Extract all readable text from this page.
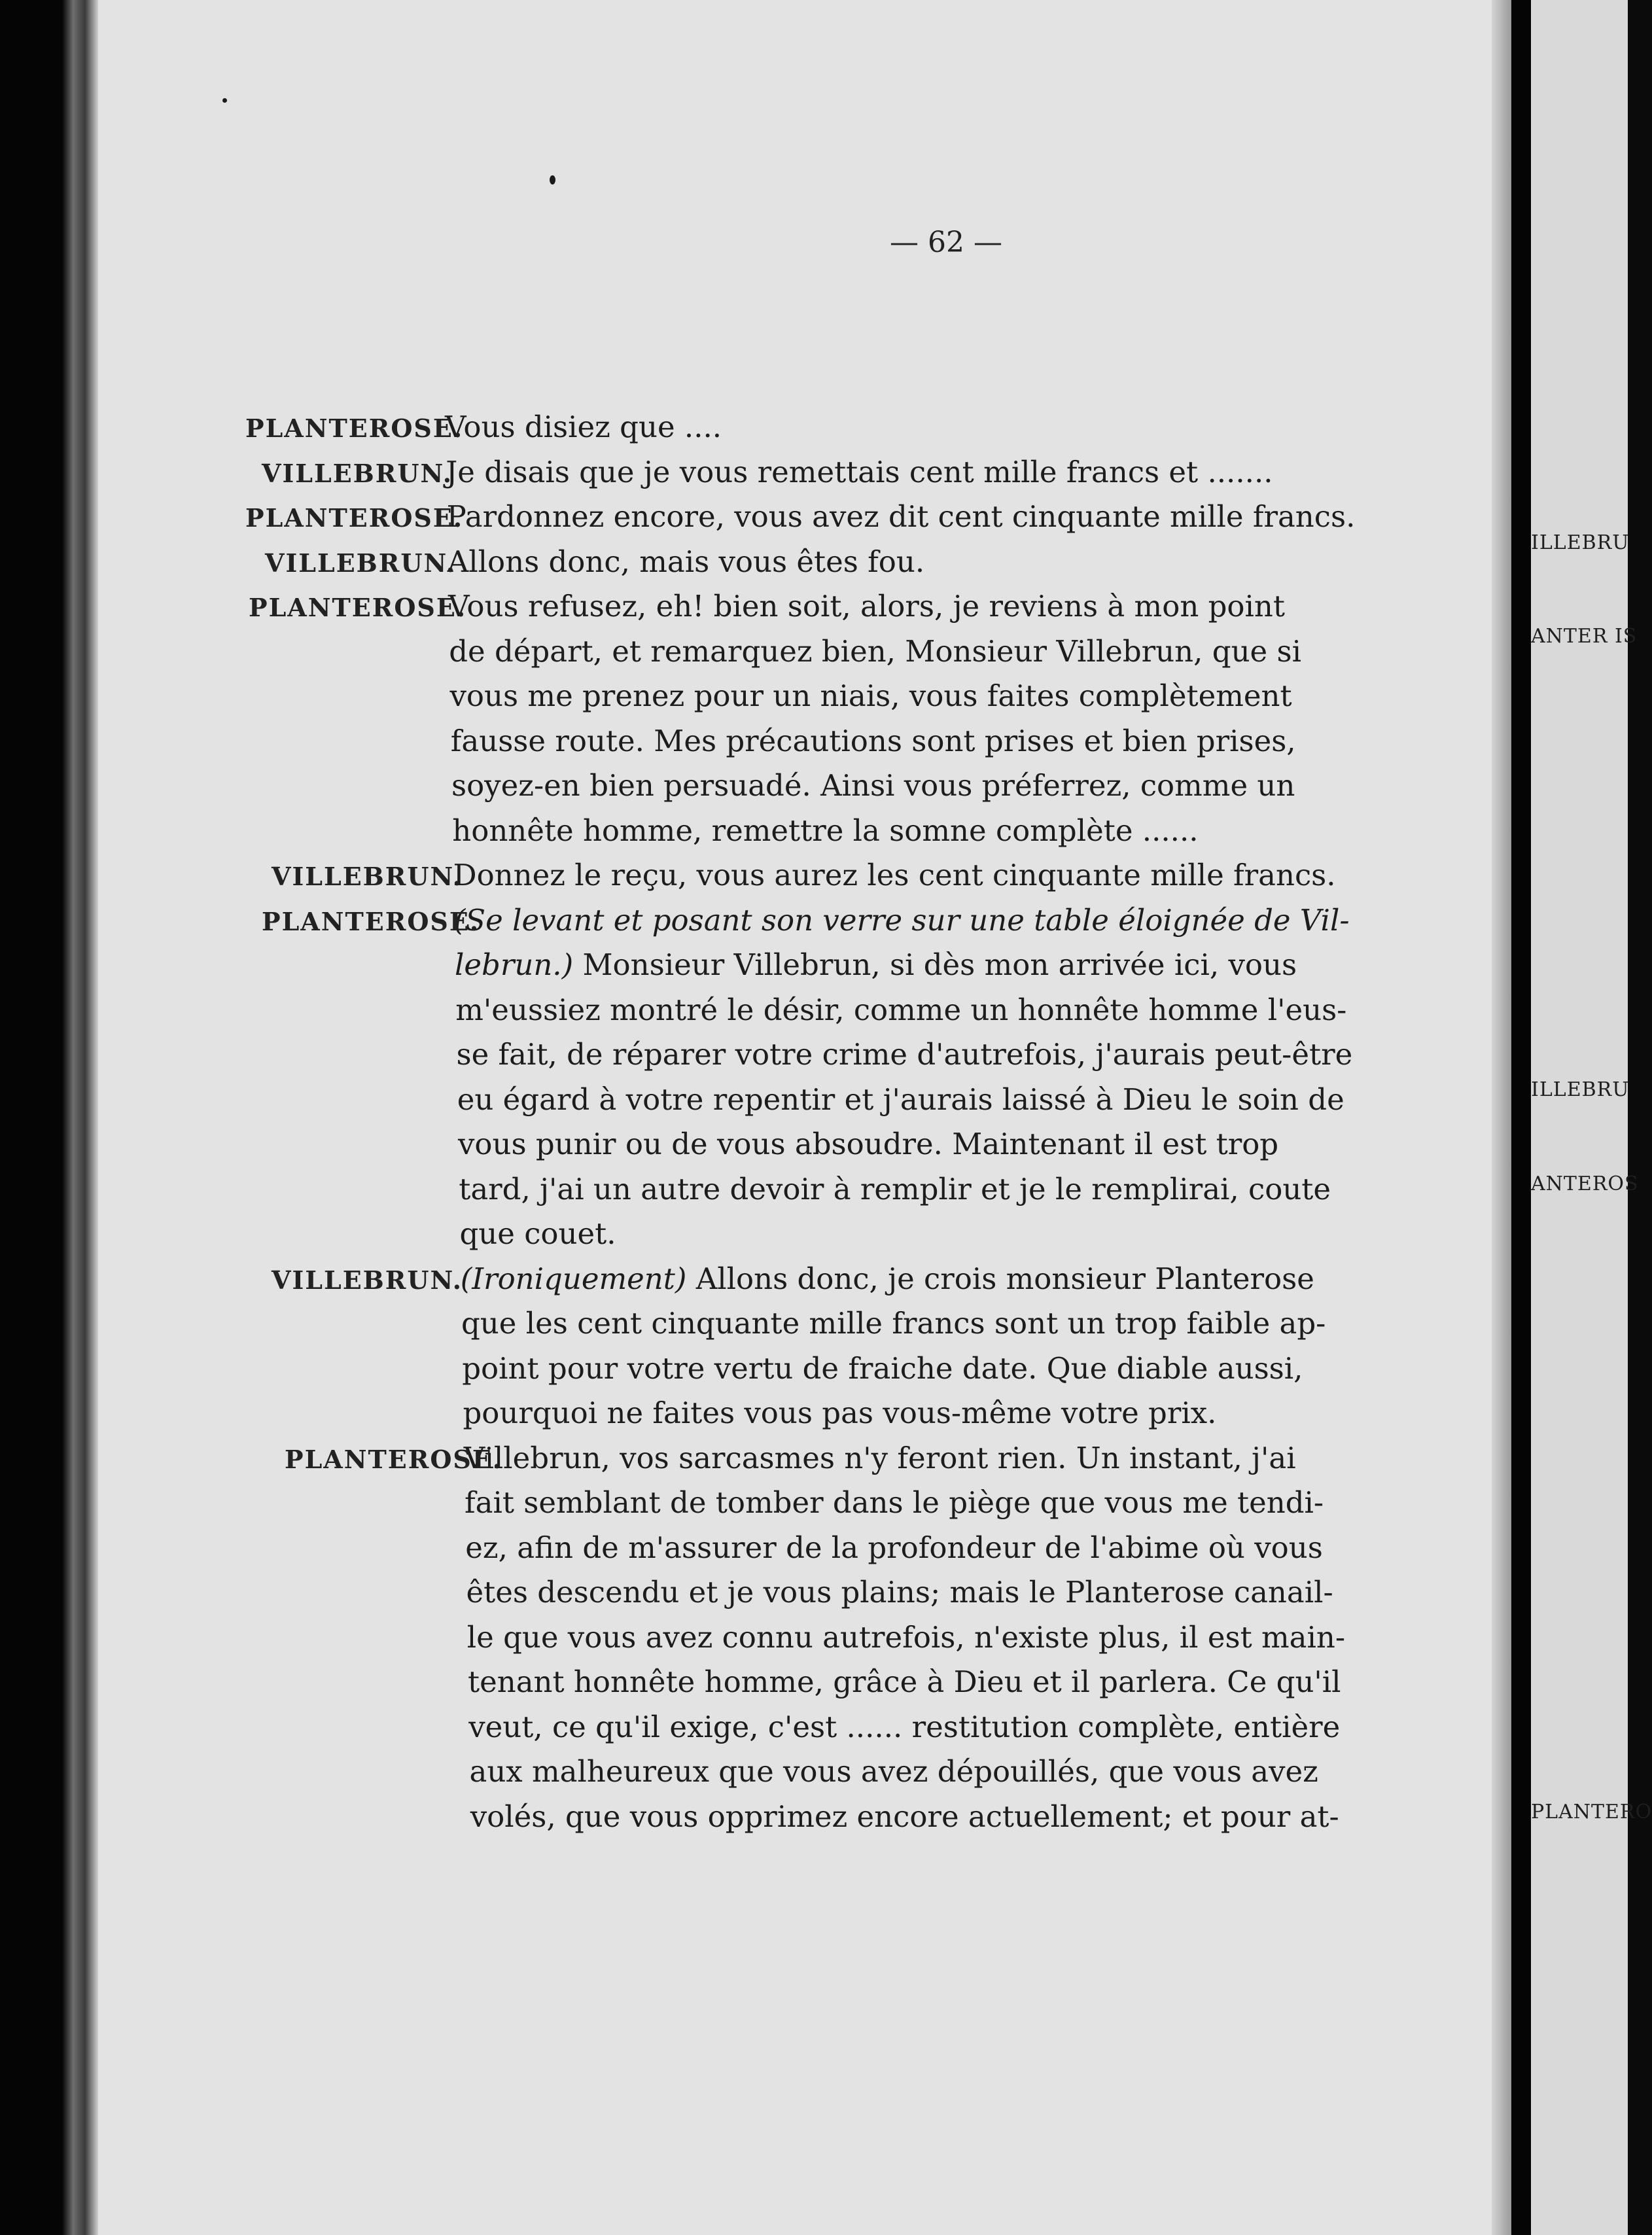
— 62 —
PLANTEROSE.
Vous disiez que ....
VILLEBRUN.
Je disais que je vous remettais cent mille francs et .......
PLANTEROSE.
Pardonnez encore, vous avez dit cent cinquante mille francs.
VILLEBRUN.
Allons donc, mais vous êtes fou.
PLANTEROSE.
Vous refusez, eh! bien soit, alors, je reviens à mon point
de départ, et remarquez bien, Monsieur Villebrun, que si
vous me prenez pour un niais, vous faites complètement
fausse route. Mes précautions sont prises et bien prises,
soyez-en bien persuadé. Ainsi vous préferrez, comme un
honnête homme, remettre la somne complète ......
VILLEBRUN.
Donnez le reçu, vous aurez les cent cinquante mille francs.
PLANTEROSE.
(Se levant et posant son verre sur une table éloignée de Vil-
lebrun.) Monsieur Villebrun, si dès mon arrivée ici, vous
m'eussiez montré le désir, comme un honnête homme l'eus-
se fait, de réparer votre crime d'autrefois, j'aurais peut-être
eu égard à votre repentir et j'aurais laissé à Dieu le soin de
vous punir ou de vous absoudre. Maintenant il est trop
tard, j'ai un autre devoir à remplir et je le remplirai, coute
que couet.
VILLEBRUN.
(Ironiquement) Allons donc, je crois monsieur Planterose
que les cent cinquante mille francs sont un trop faible ap-
point pour votre vertu de fraiche date. Que diable aussi,
pourquoi ne faites vous pas vous-même votre prix.
PLANTEROSE.
Villebrun, vos sarcasmes n'y feront rien. Un instant, j'ai
fait semblant de tomber dans le piège que vous me tendi-
ez, afin de m'assurer de la profondeur de l'abime où vous
êtes descendu et je vous plains; mais le Planterose canail-
le que vous avez connu autrefois, n'existe plus, il est main-
tenant honnête homme, grâce à Dieu et il parlera. Ce qu'il
veut, ce qu'il exige, c'est ...... restitution complète, entière
aux malheureux que vous avez dépouillés, que vous avez
volés, que vous opprimez encore actuellement; et pour at-
ILLEBRU
ANTER IS
ILLEBRU
ANTEROS
PLANTERO
